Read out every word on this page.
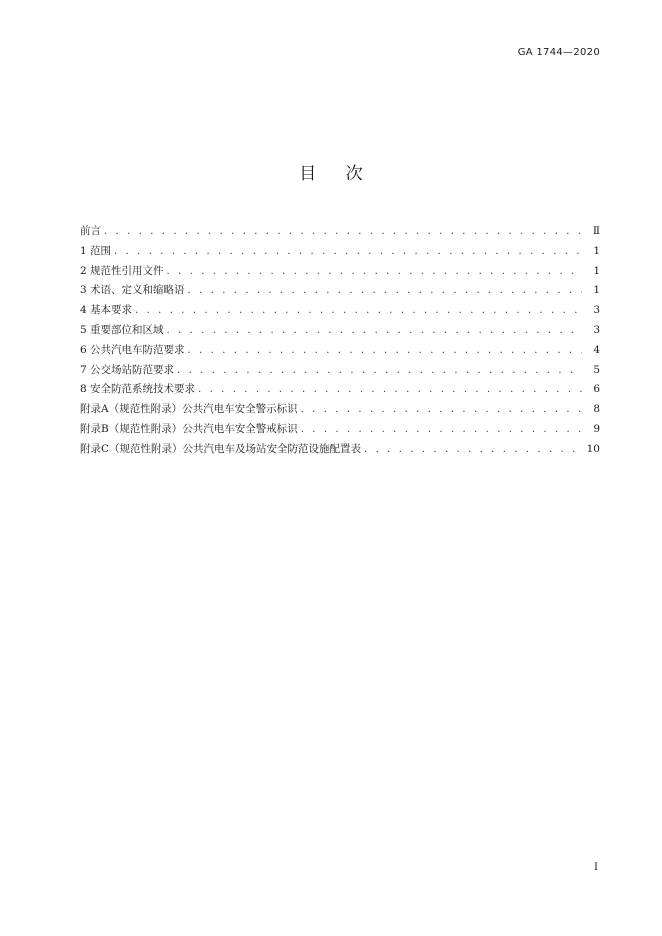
GA 1744—2020
目 次
前言 . . .	Ⅱ
1 范围 . . .	1
2 规范性引用文件 . . .	1
3 术语、定义和缩略语 . . .	1
4 基本要求 . . .	3
5 重要部位和区域 . . .	3
6 公共汽电车防范要求 . . .	4
7 公交场站防范要求 . . .	5
8 安全防范系统技术要求 . . .	6
附录A（规范性附录）公共汽电车安全警示标识 . . .	8
附录B（规范性附录）公共汽电车安全警戒标识 . . .	9
附录C（规范性附录）公共汽电车及场站安全防范设施配置表 . . .	10
I
